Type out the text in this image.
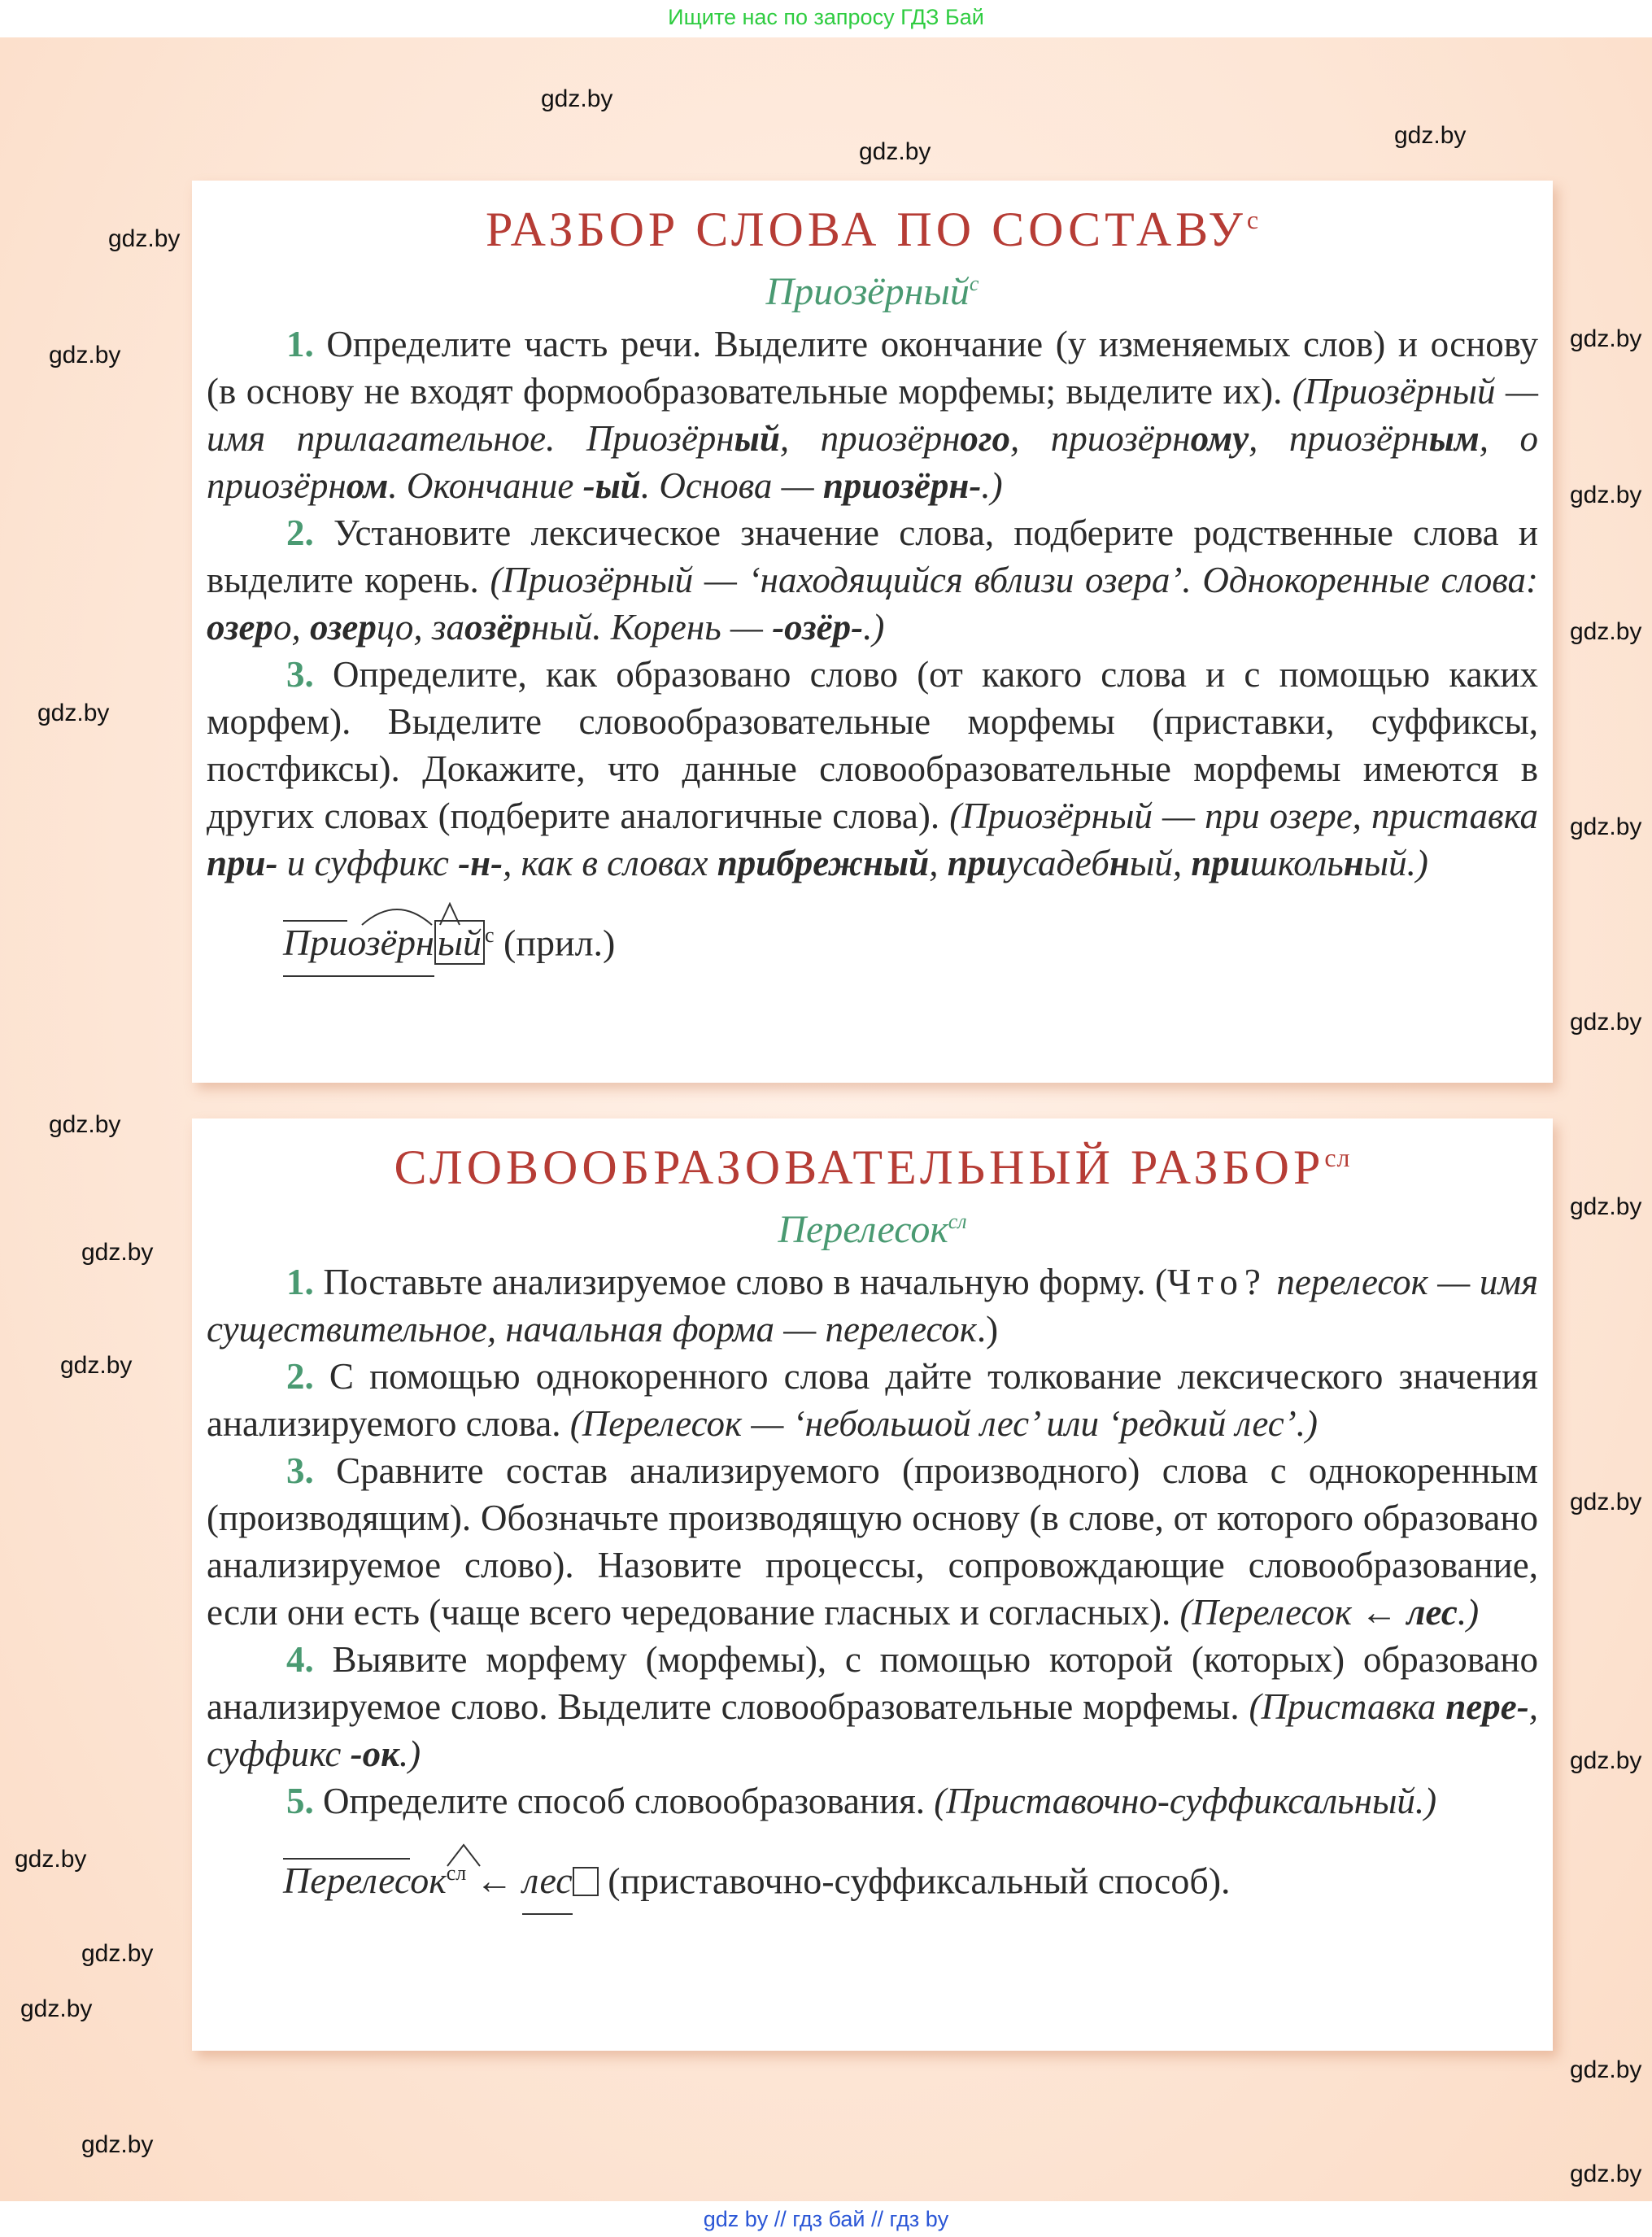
Ищите нас по запросу ГДЗ Бай
РАЗБОР СЛОВА ПО $СОСТАВУ^с$
Приозёрный$^с$

1. Определите часть речи. Выделите окончание (у изменяемых слов) и основу (в основу не входят формообразовательные морфемы; выделите их). (Приозёрный — имя прилагательное. Приозёрный, приозёрного, приозёрному, приозёрным, о приозёрном. Окончание -ый. Основа — приозёрн-.)

2. Установите лексическое значение слова, подберите родственные слова и выделите корень. (Приозёрный — ‘находящийся вблизи озера’. Однокоренные слова: озеро, озерцо, заозёрный. Корень — -озёр-.)

3. Определите, как образовано слово (от какого слова и с помощью каких морфем). Выделите словообразовательные морфемы (приставки, суффиксы, постфиксы). Докажите, что данные словообразовательные морфемы имеются в других словах (подберите аналогичные слова). (Приозёрный — при озере, приставка при- и суффикс -н-, как в словах прибрежный, приусадебный, пришкольный.)

Приозёрн
ый $^с$ (прил.)
СЛОВООБРАЗОВАТЕЛЬНЫЙ $РАЗБОР^{сл}$
Перелесок$^{сл}$

1. Поставьте анализируемое слово в начальную форму. (Что? перелесок — имя существительное, начальная форма — перелесок.)

2. С помощью однокоренного слова дайте толкование лексического значения анализируемого слова. (Перелесок — ‘небольшой лес’ или ‘редкий лес’.)

3. Сравните состав анализируемого (производного) слова с однокоренным (производящим). Обозначьте производящую основу (в слове, от которого образовано анализируемое слово). Назовите процессы, сопровождающие словообразование, если они есть (чаще всего чередование гласных и согласных). (Перелесок ← лес.)

4. Выявите морфему (морфемы), с помощью которой (которых) образовано анализируемое слово. Выделите словообразовательные морфемы. (Приставка пере-, суффикс -ок.)

5. Определите способ словообразования. (Приставочно-суффиксальный.)

Перелесок
$^{сл}$ ← лес (приставочно-суффиксальный способ).
gdz.by
gdz.by
gdz.by
gdz.by
gdz.by
gdz.by
gdz.by
gdz.by
gdz.by
gdz.by
gdz.by
gdz.by
gdz.by
gdz.by
gdz.by
gdz.by
gdz.by
gdz.by
gdz.by
gdz.by
gdz.by
gdz.by
gdz.by
gdz by // гдз бай // гдз by
